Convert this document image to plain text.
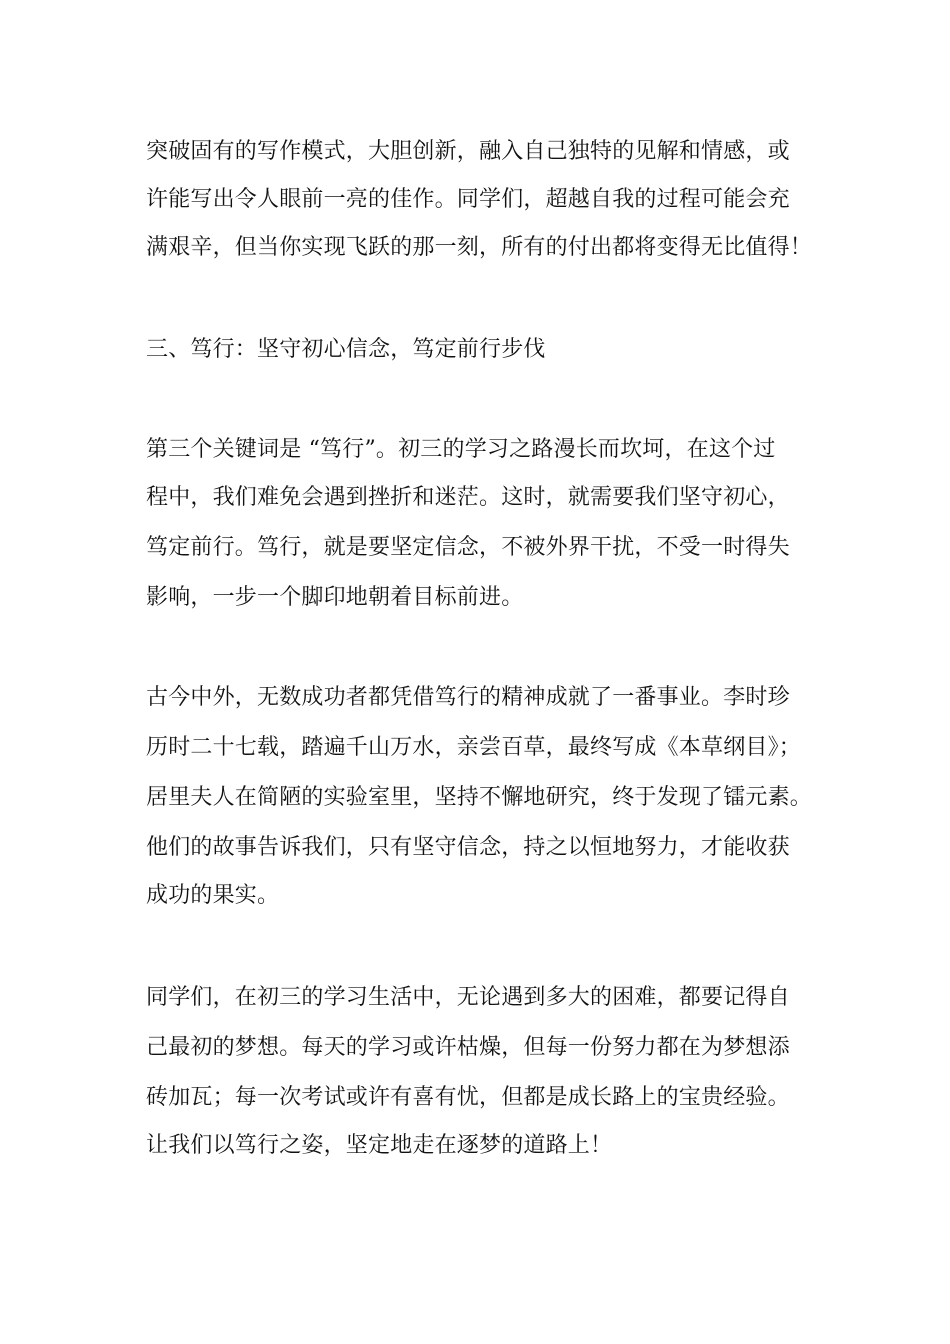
突破固有的写作模式，大胆创新，融入自己独特的见解和情感，或
许能写出令人眼前一亮的佳作。同学们，超越自我的过程可能会充
满艰辛，但当你实现飞跃的那一刻，所有的付出都将变得无比值得！
三、笃行：坚守初心信念，笃定前行步伐
第三个关键词是 “笃行”。初三的学习之路漫长而坎坷，在这个过
程中，我们难免会遇到挫折和迷茫。这时，就需要我们坚守初心，
笃定前行。笃行，就是要坚定信念，不被外界干扰，不受一时得失
影响，一步一个脚印地朝着目标前进。
古今中外，无数成功者都凭借笃行的精神成就了一番事业。李时珍
历时二十七载，踏遍千山万水，亲尝百草，最终写成《本草纲目》；
居里夫人在简陋的实验室里，坚持不懈地研究，终于发现了镭元素。
他们的故事告诉我们，只有坚守信念，持之以恒地努力，才能收获
成功的果实。
同学们，在初三的学习生活中，无论遇到多大的困难，都要记得自
己最初的梦想。每天的学习或许枯燥，但每一份努力都在为梦想添
砖加瓦；每一次考试或许有喜有忧，但都是成长路上的宝贵经验。
让我们以笃行之姿，坚定地走在逐梦的道路上！
